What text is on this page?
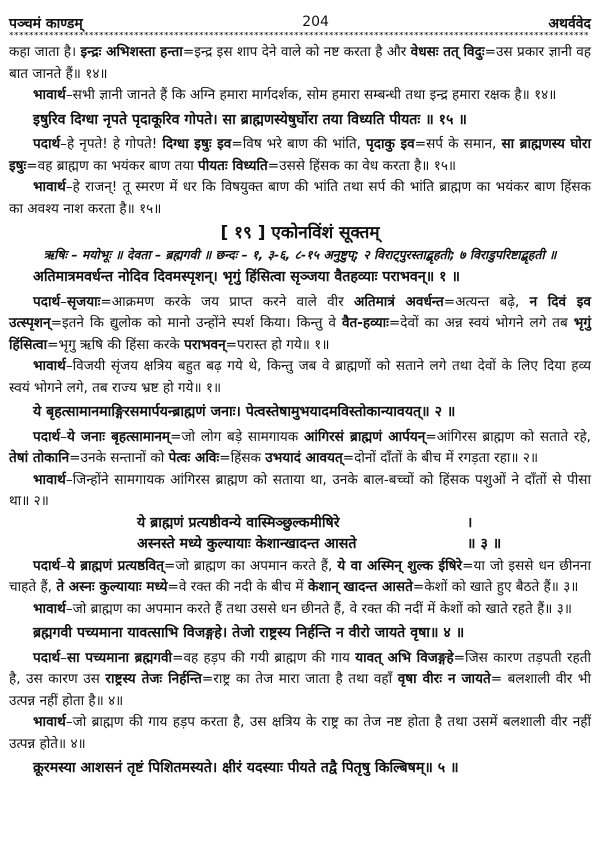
पञ्चमं काण्डम्	204	अथर्ववेद
********************************************************************************************************************
कहा जाता है। इन्द्रः अभिशस्ता हन्ता=इन्द्र इस शाप देने वाले को नष्ट करता है और वेधसः तत् विदुः=उस प्रकार ज्ञानी वह बात जानते हैं॥ १४॥
भावार्थ–सभी ज्ञानी जानते हैं कि अग्नि हमारा मार्गदर्शक, सोम हमारा सम्बन्धी तथा इन्द्र हमारा रक्षक है॥ १४॥
इषुरिव दिग्धा नृपते पृदाकूरिव गोपते। सा ब्राह्मणस्येषुर्घोरा तया विध्यति पीयतः ॥ १५ ॥
पदार्थ–हे नृपते! हे गोपते! दिग्धा इषुः इव=विष भरे बाण की भांति, पृदाकु इव=सर्प के समान, सा ब्राह्मणस्य घोरा इषुः=वह ब्राह्मण का भयंकर बाण तया पीयतः विध्यति=उससे हिंसक का वेध करता है॥ १५॥
भावार्थ–हे राजन्! तू स्मरण में धर कि विषयुक्त बाण की भांति तथा सर्प की भांति ब्राह्मण का भयंकर बाण हिंसक का अवश्य नाश करता है॥ १५॥
[ १९ ] एकोनविंशं सूक्तम्
ऋषिः – मयोभूः ॥ देवता – ब्रह्मगवी ॥ छन्दः – १, ३-६, ८-१५ अनुष्टुप्; २ विराट्पुरस्ताद्बृहती; ७ विराडुपरिष्टाद्बृहती ॥
अतिमात्रमवर्धन्त नोदिव दिवमस्पृशन्। भृगुं हिंसित्वा सृञ्जया वैतहव्याः पराभवन्॥ १ ॥
पदार्थ–सृजयाः=आक्रमण करके जय प्राप्त करने वाले वीर अतिमात्रं अवर्धन्त=अत्यन्त बढ़े, न दिवं इव उत्स्पृशन्=इतने कि द्युलोक को मानो उन्होंने स्पर्श किया। किन्तु वे वैत-हव्याः=देवों का अन्न स्वयं भोगने लगे तब भृगुं हिंसित्वा=भृगु ऋषि की हिंसा करके पराभवन्=परास्त हो गये॥ १॥
भावार्थ–विजयी सृंजय क्षत्रिय बहुत बढ़ गये थे, किन्तु जब वे ब्राह्मणों को सताने लगे तथा देवों के लिए दिया हव्य स्वयं भोगने लगे, तब राज्य भ्रष्ट हो गये॥ १॥
ये बृहत्सामानमाङ्गिरसमार्पयन्ब्राह्मणं जनाः। पेत्वस्तेषामुभयादमविस्तोकान्यावयत्॥ २ ॥
पदार्थ–ये जनाः बृहत्सामानम्=जो लोग बड़े सामगायक आंगिरसं ब्राह्मणं आर्पयन्=आंगिरस ब्राह्मण को सताते रहे, तेषां तोकानि=उनके सन्तानों को पेत्वः अविः=हिंसक उभयादं आवयत्=दोनों दाँतों के बीच में रगड़ता रहा॥ २॥
भावार्थ–जिन्होंने सामगायक आंगिरस ब्राह्मण को सताया था, उनके बाल-बच्चों को हिंसक पशुओं ने दाँतों से पीसा था॥ २॥
ये ब्राह्मणं प्रत्यष्ठीवन्ये वास्मिञ्छुल्कमीषिरे	।
अस्नस्ते मध्ये कुल्यायाः केशान्खादन्त आसते	॥ ३ ॥
पदार्थ–ये ब्राह्मणं प्रत्यष्ठवित्=जो ब्राह्मण का अपमान करते हैं, ये वा अस्मिन् शुल्क ईषिरे=या जो इससे धन छीनना चाहते हैं, ते अस्नः कुल्यायाः मध्ये=वे रक्त की नदी के बीच में केशान् खादन्त आसते=केशों को खाते हुए बैठते हैं॥ ३॥
भावार्थ–जो ब्राह्मण का अपमान करते हैं तथा उससे धन छीनते हैं, वे रक्त की नदीं में केशों को खाते रहते हैं॥ ३॥
ब्रह्मगवी पच्यमाना यावत्साभि विजङ्गहे। तेजो राष्ट्रस्य निर्हन्ति न वीरो जायते वृषा॥ ४ ॥
पदार्थ–सा पच्यमाना ब्रह्मगवी=वह हड़प की गयी ब्राह्मण की गाय यावत् अभि विजङ्गहे=जिस कारण तड़पती रहती है, उस कारण उस राष्ट्रस्य तेजः निर्हन्ति=राष्ट्र का तेज मारा जाता है तथा वहाँ वृषा वीरः न जायते= बलशाली वीर भी उत्पन्न नहीं होता है॥ ४॥
भावार्थ–जो ब्राह्मण की गाय हड़प करता है, उस क्षत्रिय के राष्ट्र का तेज नष्ट होता है तथा उसमें बलशाली वीर नहीं उत्पन्न होते॥ ४॥
क्रूरमस्या आशसनं तृष्टं पिशितमस्यते। क्षीरं यदस्याः पीयते तद्वै पितृषु किल्बिषम्॥ ५ ॥
